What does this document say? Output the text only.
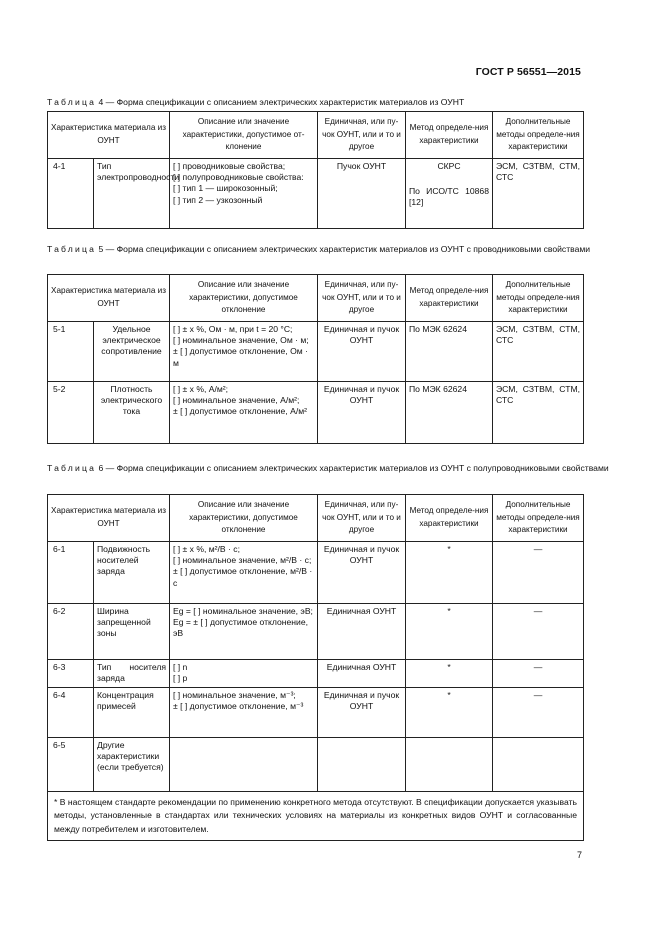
ГОСТ Р 56551—2015
Таблица 4 — Форма спецификации с описанием электрических характеристик материалов из ОУНТ
Характеристика материала из ОУНТ		Описание или значение характеристики, допустимое от-клонение	Единичная, или пу-чок ОУНТ, или и то и другое	Метод определе-ния характеристики	Дополнительные методы определе-ния характеристики
4-1	Тип электропроводности	[ ] проводниковые свойства;
[ ] полупроводниковые свойства:
[ ] тип 1 — широкозонный;
[ ] тип 2 — узкозонный	Пучок ОУНТ	СКРС
По ИСО/ТС 10868 [12]	ЭСМ, СЗТВМ, СТМ, СТС
Таблица 5 — Форма спецификации с описанием электрических характеристик материалов из ОУНТ с проводниковыми свойствами
Характеристика материала из ОУНТ		Описание или значение характеристики, допустимое отклонение	Единичная, или пу-чок ОУНТ, или и то и другое	Метод определе-ния характеристики	Дополнительные методы определе-ния характеристики
5-1	Удельное электрическое сопротивление	[ ] ± x %, Ом · м, при t = 20 °C;
[ ] номинальное значение, Ом · м;
± [ ] допустимое отклонение, Ом · м	Единичная и пучок ОУНТ	По МЭК 62624	ЭСМ, СЗТВМ, СТМ, СТС
5-2	Плотность электрического тока	[ ] ± x %, А/м²;
[ ] номинальное значение, А/м²;
± [ ] допустимое отклонение, А/м²	Единичная и пучок ОУНТ	По МЭК 62624	ЭСМ, СЗТВМ, СТМ, СТС
Таблица 6 — Форма спецификации с описанием электрических характеристик материалов из ОУНТ с полупроводниковыми свойствами
Характеристика материала из ОУНТ		Описание или значение характеристики, допустимое отклонение	Единичная, или пу-чок ОУНТ, или и то и другое	Метод определе-ния характеристики	Дополнительные методы определе-ния характеристики
6-1	Подвижность носителей заряда	[ ] ± x %, м²/В · с;
[ ] номинальное значение, м²/В · с;
± [ ] допустимое отклонение, м²/В · с	Единичная и пучок ОУНТ	*	—
6-2	Ширина запрещенной зоны	Eg = [ ] номинальное значение, эВ;
Eg = ± [ ] допустимое отклонение, эВ	Единичная ОУНТ	*	—
6-3	Тип носителя заряда	[ ] n
[ ] p	Единичная ОУНТ	*	—
6-4	Концентрация примесей	[ ] номинальное значение, м⁻³;
± [ ] допустимое отклонение, м⁻³	Единичная и пучок ОУНТ	*	—
6-5	Другие характеристики (если требуется)				
* В настоящем стандарте рекомендации по применению конкретного метода отсутствуют. В спецификации допускается указывать методы, установленные в стандартах или технических условиях на материалы из конкретных видов ОУНТ и согласованные между потребителем и изготовителем.					
7
